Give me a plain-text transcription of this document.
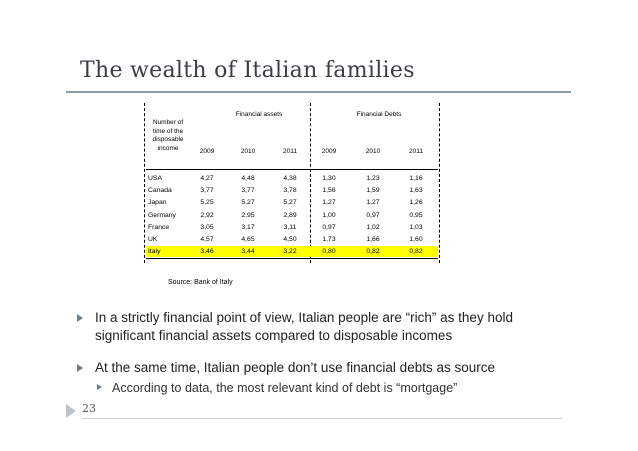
The wealth of Italian families
Financial assets	Financial Debts
Number of
time of the
disposable
income	2009	2010	2011	2009	2010	2011
USA	4,27	4,48	4,38	1,30	1,23	1,16
Canada	3,77	3,77	3,78	1,56	1,59	1,63
Japan	5,25	5,27	5,27	1,27	1,27	1,26
Germany	2,92	2,95	2,89	1,00	0,97	0,95
France	3,05	3,17	3,11	0,97	1,02	1,03
UK	4,57	4,65	4,50	1,73	1,66	1,60
Italy	3,46	3,44	3,22	0,80	0,82	0,82
Source: Bank of Italy
In a strictly financial point of view, Italian people are “rich” as they hold
significant financial assets compared to disposable incomes
At the same time, Italian people don’t use financial debts as source
According to data, the most relevant kind of debt is “mortgage”
23
